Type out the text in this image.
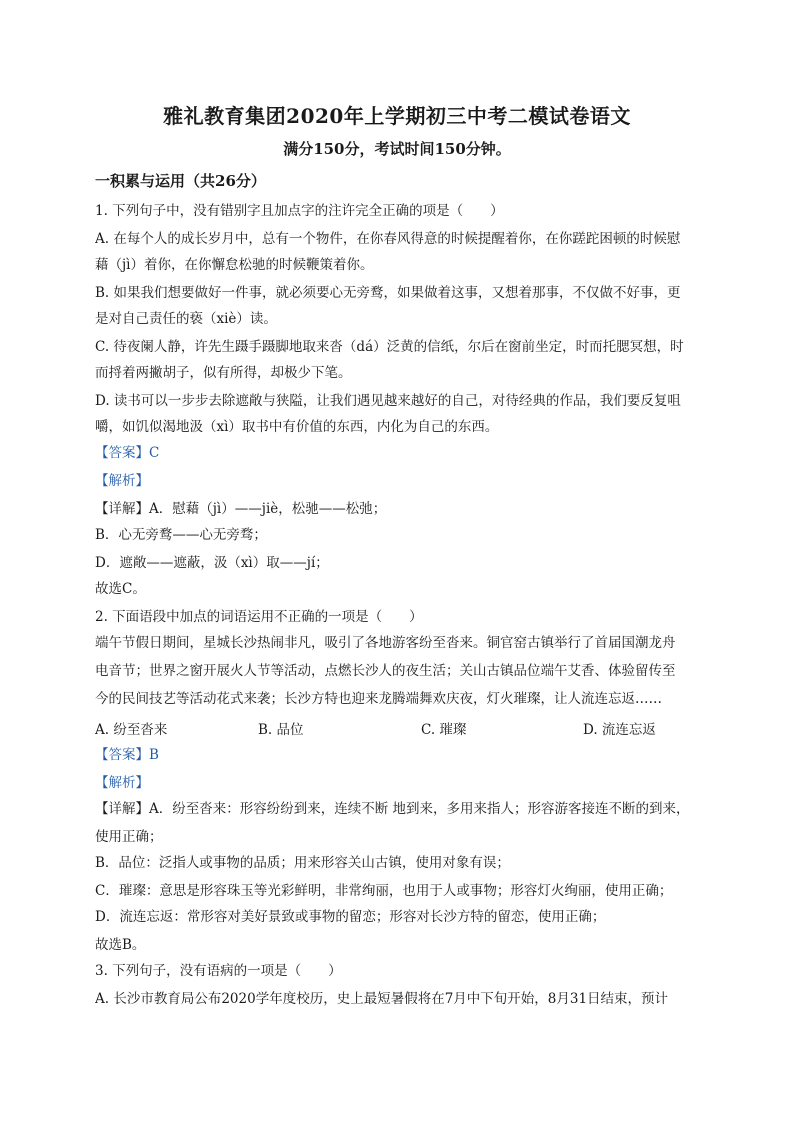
雅礼教育集团2020年上学期初三中考二模试卷语文
满分150分，考试时间150分钟。
一积累与运用（共26分）
1. 下列句子中，没有错别字且加点字的注许完全正确的项是（　　）
A. 在每个人的成长岁月中，总有一个物件，在你春风得意的时候提醒着你，在你蹉跎困顿的时候慰
藉（jì）着你，在你懈怠松驰的时候鞭策着你。
B. 如果我们想要做好一件事，就必须要心无旁鹜，如果做着这事，又想着那事，不仅做不好事，更
是对自己责任的亵（xiè）读。
C. 待夜阑人静，许先生蹑手蹑脚地取来沓（dá）泛黄的信纸，尔后在窗前坐定，时而托腮冥想，时
而捋着两撇胡子，似有所得，却极少下笔。
D. 读书可以一步步去除遮敞与狭隘，让我们遇见越来越好的自己，对待经典的作品，我们要反复咀
嚼，如饥似渴地汲（xì）取书中有价值的东西，内化为自己的东西。
【答案】C
【解析】
【详解】A．慰藉（jì）——jiè，松驰——松弛；
B．心无旁鹜——心无旁骛；
D．遮敞——遮蔽，汲（xì）取——jí；
故选C。
2. 下面语段中加点的词语运用不正确的一项是（　　）
端午节假日期间，星城长沙热闹非凡，吸引了各地游客纷至沓来。铜官窑古镇举行了首届国潮龙舟
电音节；世界之窗开展火人节等活动，点燃长沙人的夜生活；关山古镇品位端午艾香、体验留传至
今的民间技艺等活动花式来袭；长沙方特也迎来龙腾端舞欢庆夜，灯火璀璨，让人流连忘返……
A. 纷至沓来	B. 品位	C. 璀璨	D. 流连忘返
【答案】B
【解析】
【详解】A．纷至沓来：形容纷纷到来，连续不断 地到来，多用来指人；形容游客接连不断的到来，
使用正确；
B．品位：泛指人或事物的品质；用来形容关山古镇，使用对象有误；
C．璀璨：意思是形容珠玉等光彩鲜明，非常绚丽，也用于人或事物；形容灯火绚丽，使用正确；
D．流连忘返：常形容对美好景致或事物的留恋；形容对长沙方特的留恋，使用正确；
故选B。
3. 下列句子，没有语病的一项是（　　）
A. 长沙市教育局公布2020学年度校历，史上最短暑假将在7月中下旬开始，8月31日结束，预计
